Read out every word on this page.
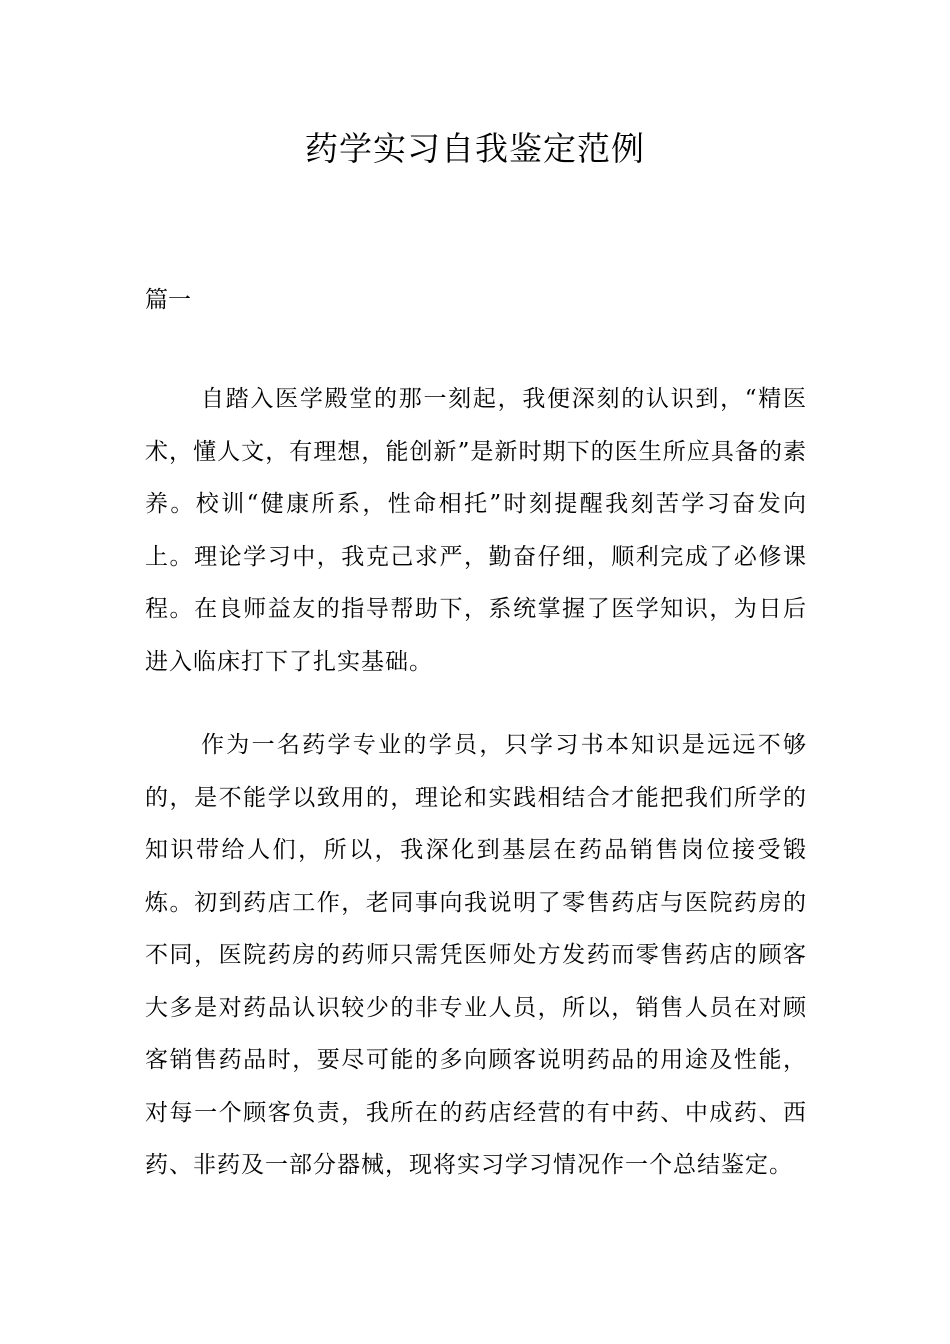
药学实习自我鉴定范例

篇一

自踏入医学殿堂的那一刻起，我便深刻的认识到，“精医术，懂人文，有理想，能创新”是新时期下的医生所应具备的素养。校训“健康所系，性命相托”时刻提醒我刻苦学习奋发向上。理论学习中，我克己求严，勤奋仔细，顺利完成了必修课程。在良师益友的指导帮助下，系统掌握了医学知识，为日后进入临床打下了扎实基础。

作为一名药学专业的学员，只学习书本知识是远远不够的，是不能学以致用的，理论和实践相结合才能把我们所学的知识带给人们，所以，我深化到基层在药品销售岗位接受锻炼。初到药店工作，老同事向我说明了零售药店与医院药房的不同，医院药房的药师只需凭医师处方发药而零售药店的顾客大多是对药品认识较少的非专业人员，所以，销售人员在对顾客销售药品时，要尽可能的多向顾客说明药品的用途及性能，对每一个顾客负责，我所在的药店经营的有中药、中成药、西药、非药及一部分器械，现将实习学习情况作一个总结鉴定。
